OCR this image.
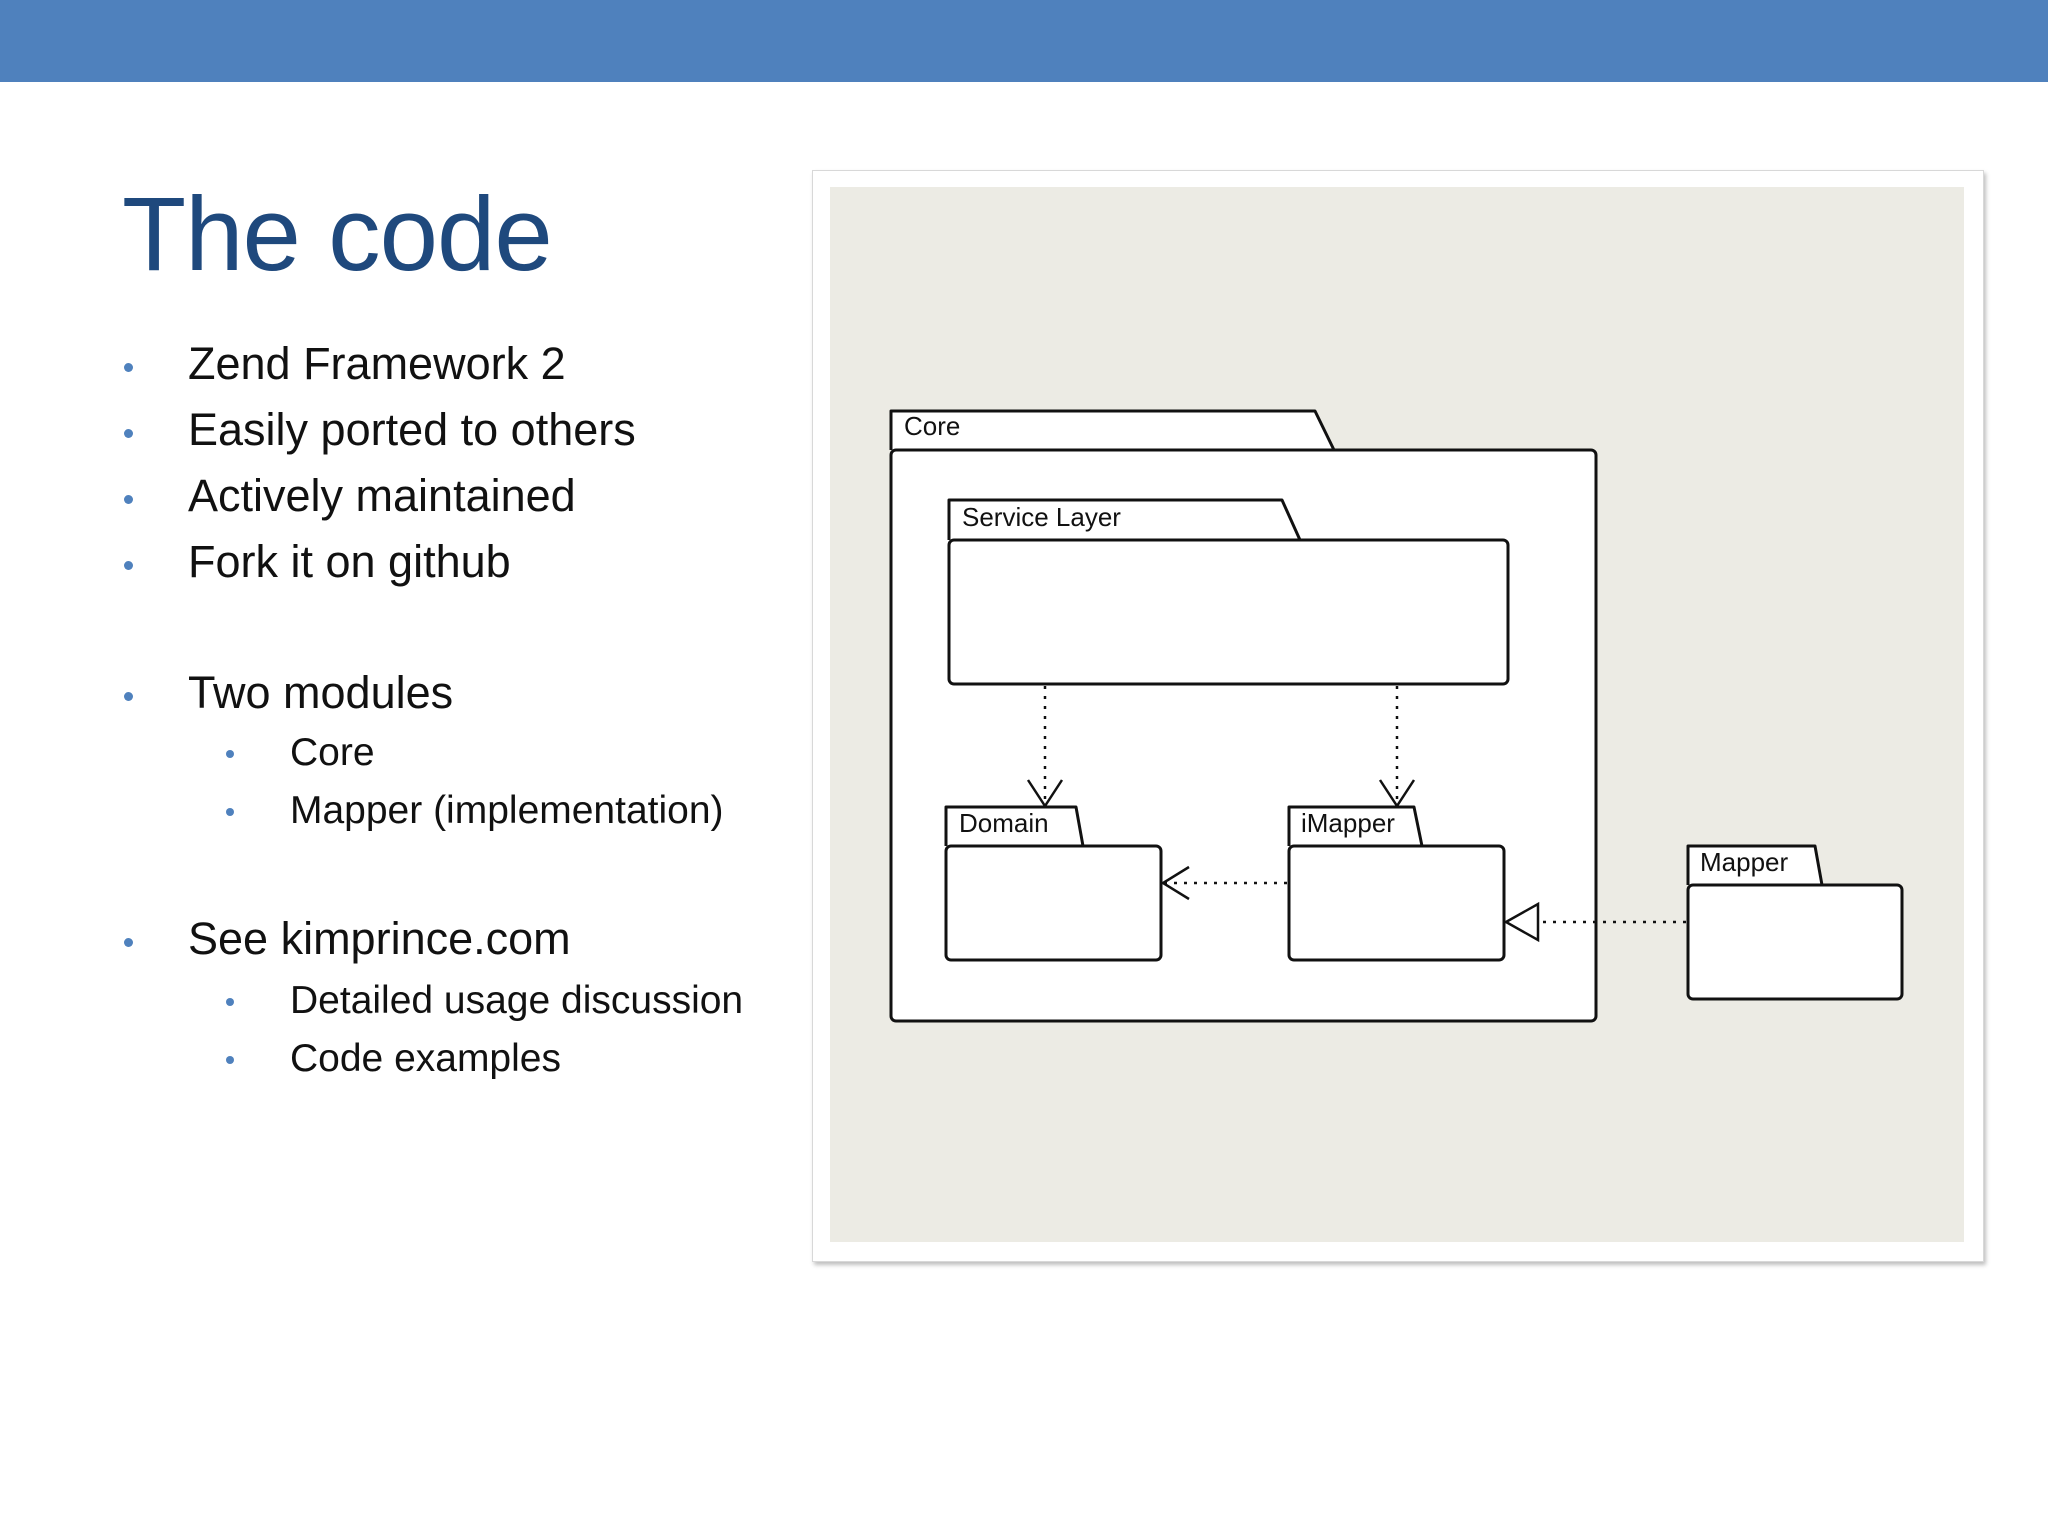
The code
Zend Framework 2
Easily ported to others
Actively maintained
Fork it on github
Two modules
Core
Mapper (implementation)
See kimprince.com
Detailed usage discussion
Code examples
Core
Service Layer
Domain	iMapper
Mapper
